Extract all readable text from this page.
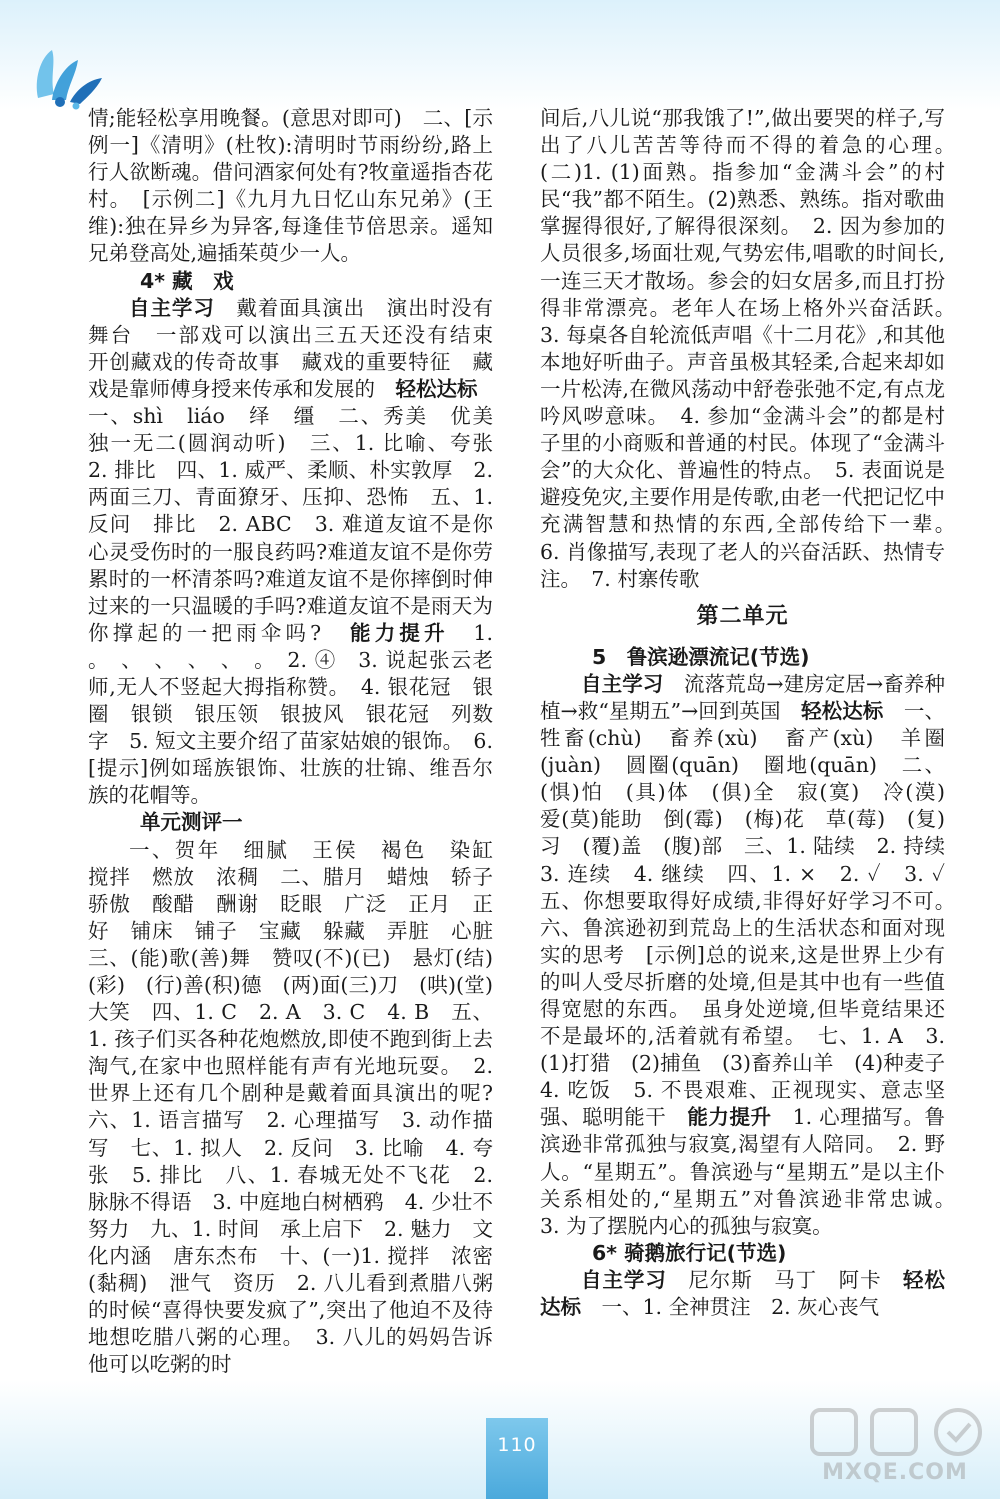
情;能轻松享用晚餐。(意思对即可)　二、[示例一]《清明》(杜牧):清明时节雨纷纷,路上行人欲断魂。借问酒家何处有?牧童遥指杏花村。　[示例二]《九月九日忆山东兄弟》(王维):独在异乡为异客,每逢佳节倍思亲。遥知兄弟登高处,遍插茱萸少一人。

4* 藏　戏

自主学习　戴着面具演出　演出时没有舞台　一部戏可以演出三五天还没有结束　开创藏戏的传奇故事　藏戏的重要特征　藏戏是靠师傅身授来传承和发展的　轻松达标　一、shì　liáo　绎　缰　二、秀美　优美　独一无二(圆润动听)　三、1. 比喻、夸张　2. 排比　四、1. 威严、柔顺、朴实敦厚　2. 两面三刀、青面獠牙、压抑、恐怖　五、1. 反问　排比　2. ABC　3. 难道友谊不是你心灵受伤时的一服良药吗?难道友谊不是你劳累时的一杯清茶吗?难道友谊不是你摔倒时伸过来的一只温暖的手吗?难道友谊不是雨天为你撑起的一把雨伞吗?　能力提升　1. 。　、　、　、　、　。　2. ④　3. 说起张云老师,无人不竖起大拇指称赞。　4. 银花冠　银圈　银锁　银压领　银披风　银花冠　列数字　5. 短文主要介绍了苗家姑娘的银饰。　6. [提示]例如瑶族银饰、壮族的壮锦、维吾尔族的花帽等。

单元测评一

一、贺年　细腻　王侯　褐色　染缸　搅拌　燃放　浓稠　二、腊月　蜡烛　轿子　骄傲　酸醋　酬谢　眨眼　广泛　正月　正好　铺床　铺子　宝藏　躲藏　弄脏　心脏　三、(能)歌(善)舞　赞叹(不)(已)　悬灯(结)(彩)　(行)善(积)德　(两)面(三)刀　(哄)(堂)大笑　四、1. C　2. A　3. C　4. B　五、1. 孩子们买各种花炮燃放,即使不跑到街上去淘气,在家中也照样能有声有光地玩耍。　2. 世界上还有几个剧种是戴着面具演出的呢?　六、1. 语言描写　2. 心理描写　3. 动作描写　七、1. 拟人　2. 反问　3. 比喻　4. 夸张　5. 排比　八、1. 春城无处不飞花　2. 脉脉不得语　3. 中庭地白树栖鸦　4. 少壮不努力　九、1. 时间　承上启下　2. 魅力　文化内涵　唐东杰布　十、(一)1. 搅拌　浓密(黏稠)　泄气　资历　2. 八儿看到煮腊八粥的时候“喜得快要发疯了”,突出了他迫不及待地想吃腊八粥的心理。　3. 八儿的妈妈告诉他可以吃粥的时

间后,八儿说“那我饿了!”,做出要哭的样子,写出了八儿苦苦等待而不得的着急的心理。　(二)1. (1)面熟。指参加“金满斗会”的村民“我”都不陌生。(2)熟悉、熟练。指对歌曲掌握得很好,了解得很深刻。　2. 因为参加的人员很多,场面壮观,气势宏伟,唱歌的时间长,一连三天才散场。参会的妇女居多,而且打扮得非常漂亮。老年人在场上格外兴奋活跃。　3. 每桌各自轮流低声唱《十二月花》,和其他本地好听曲子。声音虽极其轻柔,合起来却如一片松涛,在微风荡动中舒卷张弛不定,有点龙吟风哕意味。　4. 参加“金满斗会”的都是村子里的小商贩和普通的村民。体现了“金满斗会”的大众化、普遍性的特点。　5. 表面说是避疫免灾,主要作用是传歌,由老一代把记忆中充满智慧和热情的东西,全部传给下一辈。　6. 肖像描写,表现了老人的兴奋活跃、热情专注。　7. 村寨传歌

第二单元

5　鲁滨逊漂流记(节选)

自主学习　流落荒岛→建房定居→畜养种植→救“星期五”→回到英国　轻松达标　一、牲畜(chù)　畜养(xù)　畜产(xù)　羊圈(juàn)　圆圈(quān)　圈地(quān)　二、(惧)怕　(具)体　(俱)全　寂(寞)　冷(漠)　爱(莫)能助　倒(霉)　(梅)花　草(莓)　(复)习　(覆)盖　(腹)部　三、1. 陆续　2. 持续　3. 连续　4. 继续　四、1. ×　2. ✓　3. ✓　五、你想要取得好成绩,非得好好学习不可。　六、鲁滨逊初到荒岛上的生活状态和面对现实的思考　[示例]总的说来,这是世界上少有的叫人受尽折磨的处境,但是其中也有一些值得宽慰的东西。　虽身处逆境,但毕竟结果还不是最坏的,活着就有希望。　七、1. A　3. (1)打猎　(2)捕鱼　(3)畜养山羊　(4)种麦子　4. 吃饭　5. 不畏艰难、正视现实、意志坚强、聪明能干　能力提升　1. 心理描写。鲁滨逊非常孤独与寂寞,渴望有人陪同。　2. 野人。“星期五”。鲁滨逊与“星期五”是以主仆关系相处的,“星期五”对鲁滨逊非常忠诚。　3. 为了摆脱内心的孤独与寂寞。

6* 骑鹅旅行记(节选)

自主学习　尼尔斯　马丁　阿卡　轻松达标　一、1. 全神贯注　2. 灰心丧气

110
MXQE.COM
